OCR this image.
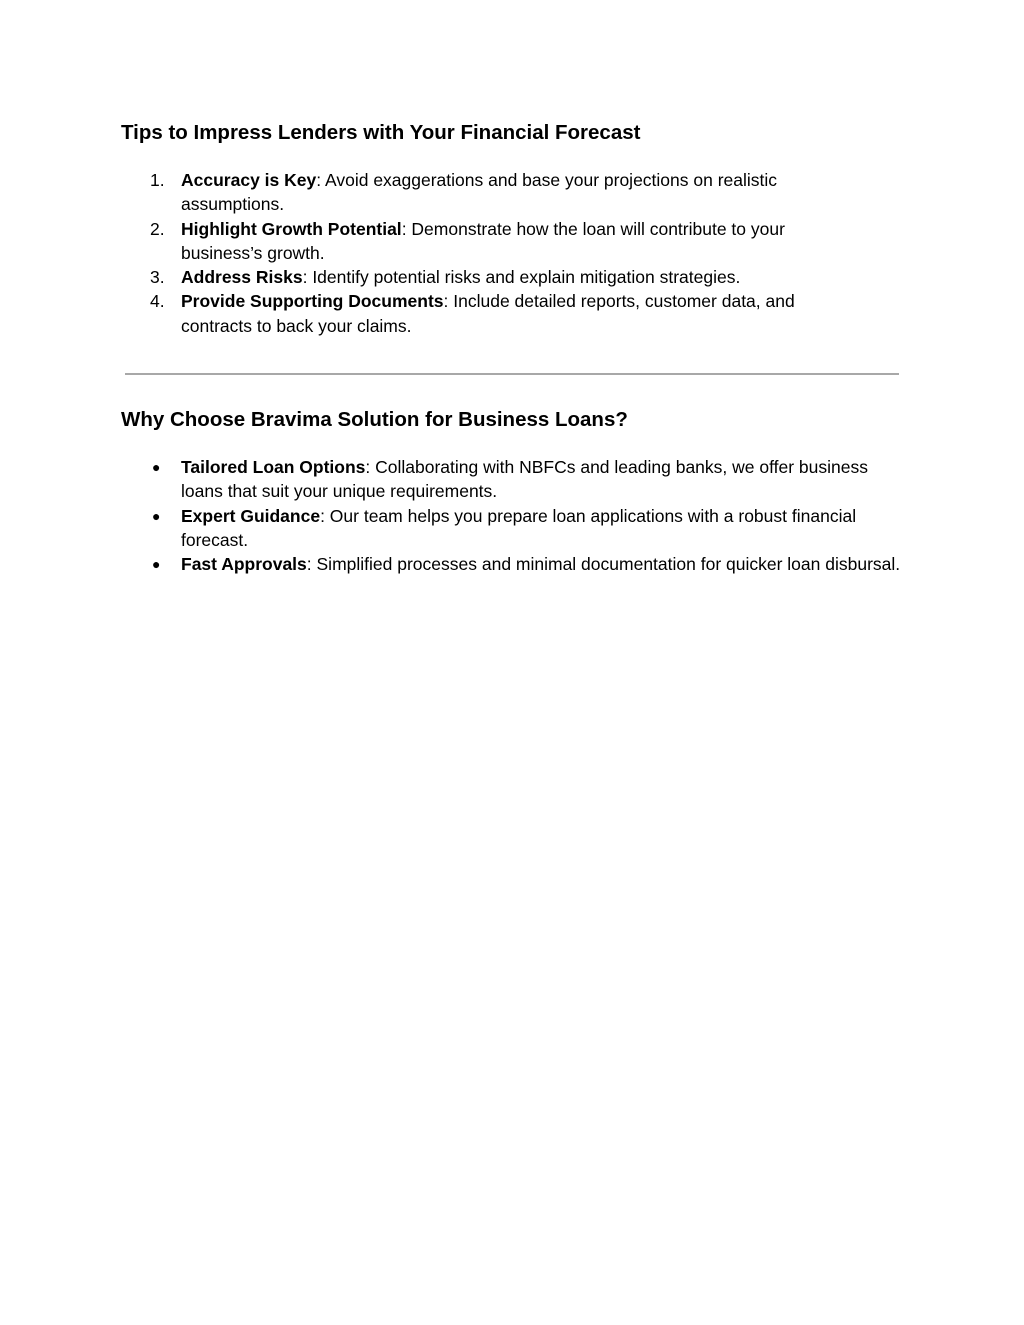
Tips to Impress Lenders with Your Financial Forecast
1. Accuracy is Key: Avoid exaggerations and base your projections on realistic assumptions.
2. Highlight Growth Potential: Demonstrate how the loan will contribute to your business’s growth.
3. Address Risks: Identify potential risks and explain mitigation strategies.
4. Provide Supporting Documents: Include detailed reports, customer data, and contracts to back your claims.
Why Choose Bravima Solution for Business Loans?
● Tailored Loan Options: Collaborating with NBFCs and leading banks, we offer business loans that suit your unique requirements.
● Expert Guidance: Our team helps you prepare loan applications with a robust financial forecast.
● Fast Approvals: Simplified processes and minimal documentation for quicker loan disbursal.
